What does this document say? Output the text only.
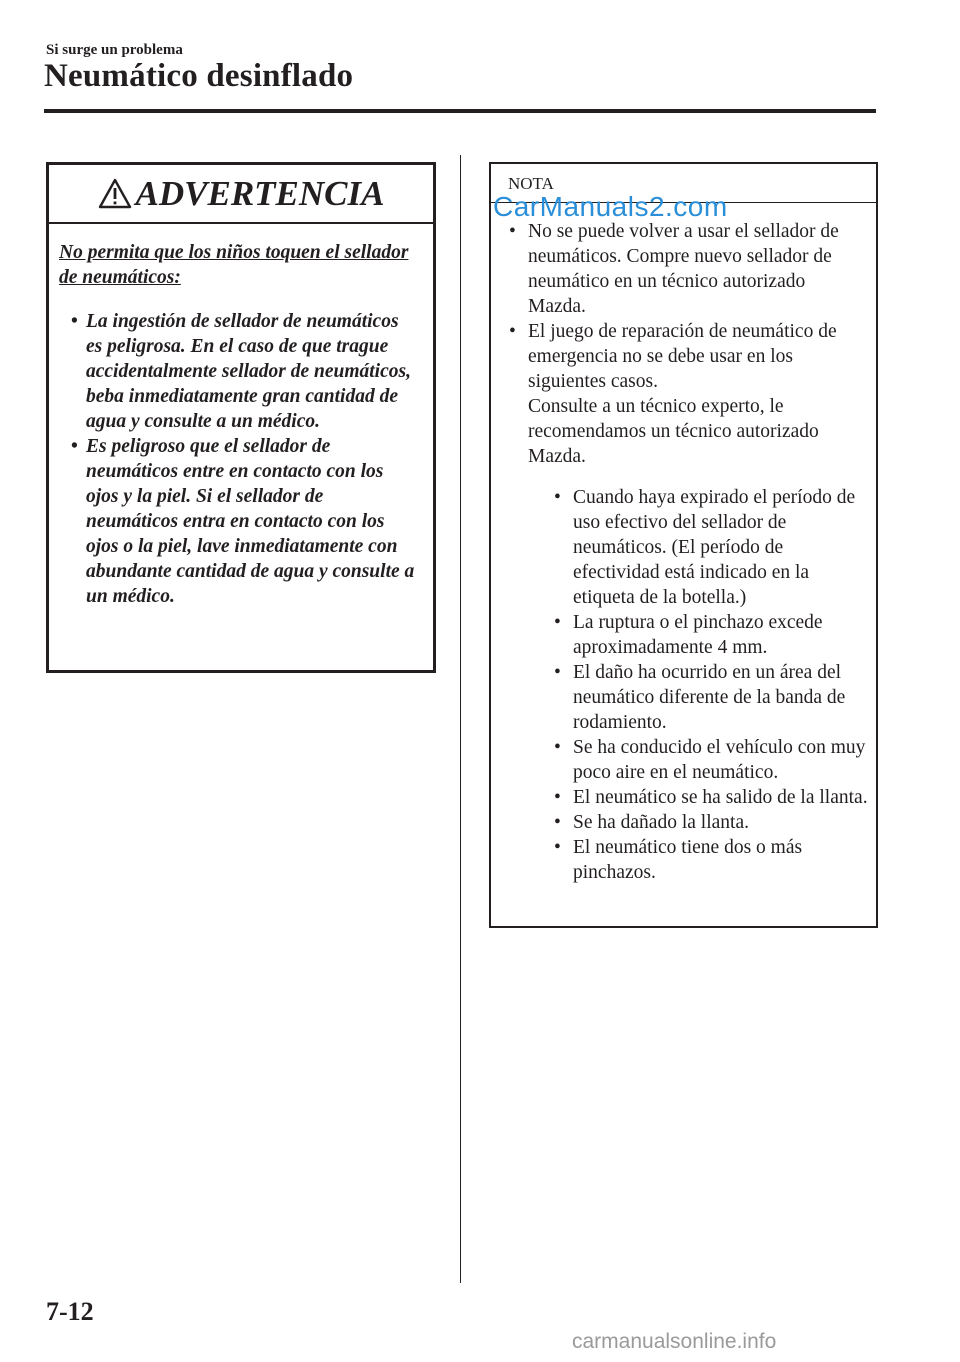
Si surge un problema
Neumático desinflado
ADVERTENCIA
No permita que los niños toquen el sellador de neumáticos:
• La ingestión de sellador de neumáticos es peligrosa. En el caso de que trague accidentalmente sellador de neumáticos, beba inmediatamente gran cantidad de agua y consulte a un médico.
• Es peligroso que el sellador de neumáticos entre en contacto con los ojos y la piel. Si el sellador de neumáticos entra en contacto con los ojos o la piel, lave inmediatamente con abundante cantidad de agua y consulte a un médico.
NOTA
• No se puede volver a usar el sellador de neumáticos. Compre nuevo sellador de neumático en un técnico autorizado Mazda.
• El juego de reparación de neumático de emergencia no se debe usar en los siguientes casos.
Consulte a un técnico experto, le recomendamos un técnico autorizado Mazda.
• Cuando haya expirado el período de uso efectivo del sellador de neumáticos. (El período de efectividad está indicado en la etiqueta de la botella.)
• La ruptura o el pinchazo excede aproximadamente 4 mm.
• El daño ha ocurrido en un área del neumático diferente de la banda de rodamiento.
• Se ha conducido el vehículo con muy poco aire en el neumático.
• El neumático se ha salido de la llanta.
• Se ha dañado la llanta.
• El neumático tiene dos o más pinchazos.
CarManuals2.com
7-12
carmanualsonline.info
